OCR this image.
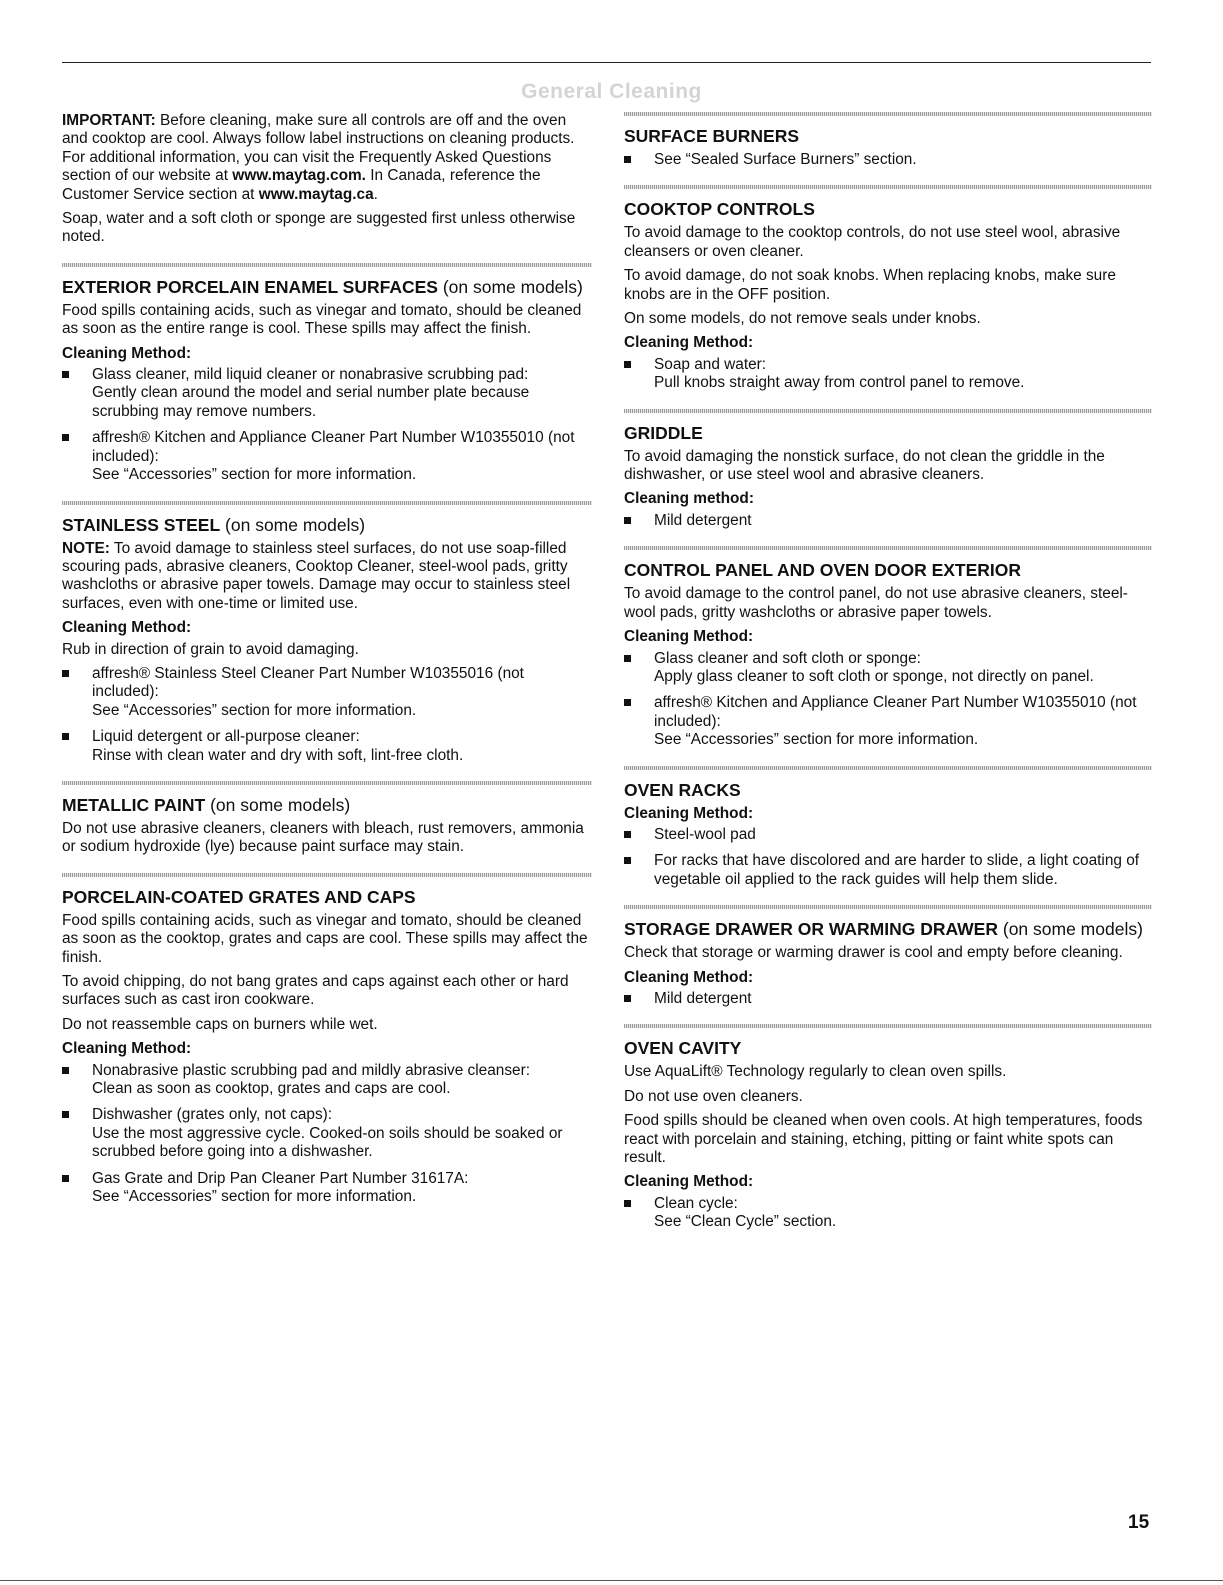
General Cleaning

IMPORTANT: Before cleaning, make sure all controls are off and the oven and cooktop are cool. Always follow label instructions on cleaning products. For additional information, you can visit the Frequently Asked Questions section of our website at www.maytag.com. In Canada, reference the Customer Service section at www.maytag.ca.

Soap, water and a soft cloth or sponge are suggested first unless otherwise noted.

EXTERIOR PORCELAIN ENAMEL SURFACES (on some models)

Food spills containing acids, such as vinegar and tomato, should be cleaned as soon as the entire range is cool. These spills may affect the finish.

Cleaning Method:
Glass cleaner, mild liquid cleaner or nonabrasive scrubbing pad:
Gently clean around the model and serial number plate because scrubbing may remove numbers.
affresh® Kitchen and Appliance Cleaner Part Number W10355010 (not included):
See “Accessories” section for more information.
STAINLESS STEEL (on some models)

NOTE: To avoid damage to stainless steel surfaces, do not use soap-filled scouring pads, abrasive cleaners, Cooktop Cleaner, steel-wool pads, gritty washcloths or abrasive paper towels. Damage may occur to stainless steel surfaces, even with one-time or limited use.

Cleaning Method:

Rub in direction of grain to avoid damaging.

affresh® Stainless Steel Cleaner Part Number W10355016 (not included):
See “Accessories” section for more information.
Liquid detergent or all-purpose cleaner:
Rinse with clean water and dry with soft, lint-free cloth.
METALLIC PAINT (on some models)

Do not use abrasive cleaners, cleaners with bleach, rust removers, ammonia or sodium hydroxide (lye) because paint surface may stain.

PORCELAIN-COATED GRATES AND CAPS

Food spills containing acids, such as vinegar and tomato, should be cleaned as soon as the cooktop, grates and caps are cool. These spills may affect the finish.

To avoid chipping, do not bang grates and caps against each other or hard surfaces such as cast iron cookware.

Do not reassemble caps on burners while wet.

Cleaning Method:
Nonabrasive plastic scrubbing pad and mildly abrasive cleanser:
Clean as soon as cooktop, grates and caps are cool.
Dishwasher (grates only, not caps):
Use the most aggressive cycle. Cooked-on soils should be soaked or scrubbed before going into a dishwasher.
Gas Grate and Drip Pan Cleaner Part Number 31617A:
See “Accessories” section for more information.
SURFACE BURNERS
See “Sealed Surface Burners” section.
COOKTOP CONTROLS

To avoid damage to the cooktop controls, do not use steel wool, abrasive cleansers or oven cleaner.

To avoid damage, do not soak knobs. When replacing knobs, make sure knobs are in the OFF position.

On some models, do not remove seals under knobs.

Cleaning Method:
Soap and water:
Pull knobs straight away from control panel to remove.
GRIDDLE

To avoid damaging the nonstick surface, do not clean the griddle in the dishwasher, or use steel wool and abrasive cleaners.

Cleaning method:
Mild detergent
CONTROL PANEL AND OVEN DOOR EXTERIOR

To avoid damage to the control panel, do not use abrasive cleaners, steel-wool pads, gritty washcloths or abrasive paper towels.

Cleaning Method:
Glass cleaner and soft cloth or sponge:
Apply glass cleaner to soft cloth or sponge, not directly on panel.
affresh® Kitchen and Appliance Cleaner Part Number W10355010 (not included):
See “Accessories” section for more information.
OVEN RACKS
Cleaning Method:
Steel-wool pad
For racks that have discolored and are harder to slide, a light coating of vegetable oil applied to the rack guides will help them slide.
STORAGE DRAWER OR WARMING DRAWER (on some models)

Check that storage or warming drawer is cool and empty before cleaning.

Cleaning Method:
Mild detergent
OVEN CAVITY

Use AquaLift® Technology regularly to clean oven spills.

Do not use oven cleaners.

Food spills should be cleaned when oven cools. At high temperatures, foods react with porcelain and staining, etching, pitting or faint white spots can result.

Cleaning Method:
Clean cycle:
See “Clean Cycle” section.
15
